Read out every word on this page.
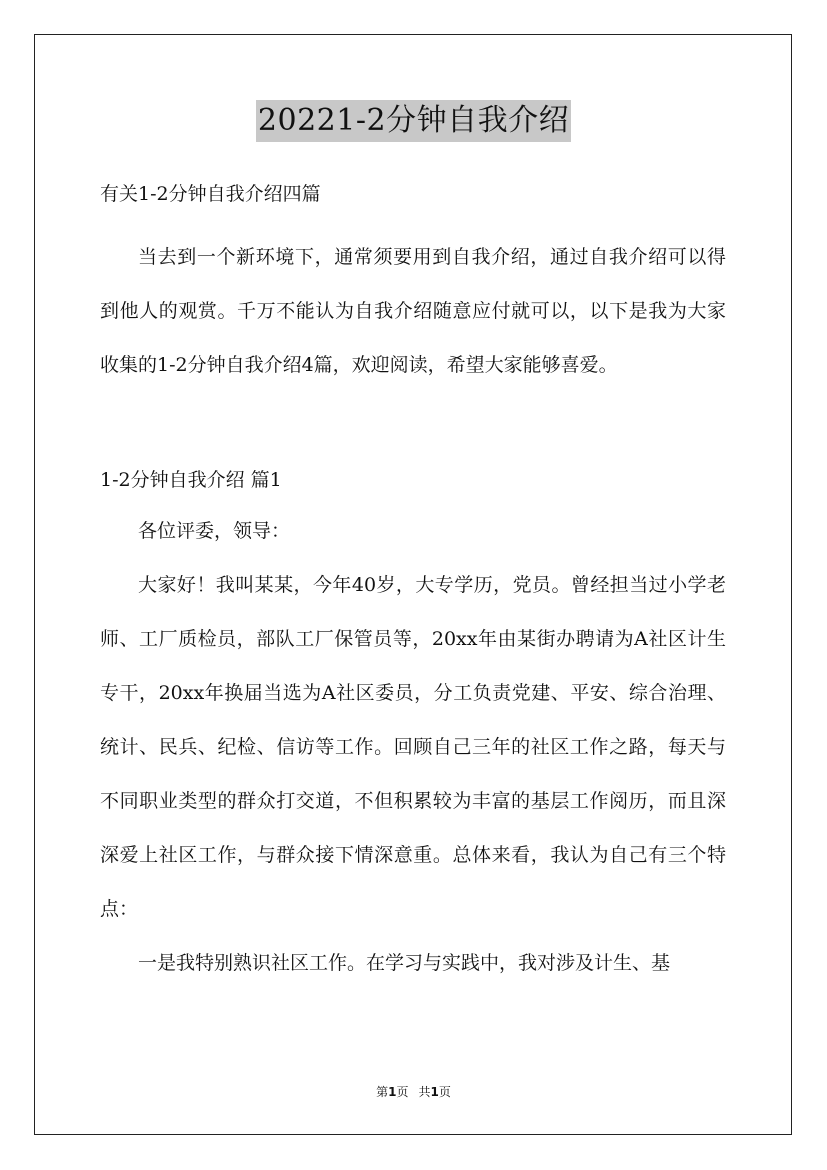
20221-2分钟自我介绍

有关1-2分钟自我介绍四篇

当去到一个新环境下，通常须要用到自我介绍，通过自我介绍可以得到他人的观赏。千万不能认为自我介绍随意应付就可以，以下是我为大家收集的1-2分钟自我介绍4篇，欢迎阅读，希望大家能够喜爱。

1-2分钟自我介绍 篇1

各位评委，领导：

大家好！我叫某某，今年40岁，大专学历，党员。曾经担当过小学老师、工厂质检员，部队工厂保管员等，20xx年由某街办聘请为A社区计生专干，20xx年换届当选为A社区委员，分工负责党建、平安、综合治理、统计、民兵、纪检、信访等工作。回顾自己三年的社区工作之路，每天与不同职业类型的群众打交道，不但积累较为丰富的基层工作阅历，而且深深爱上社区工作，与群众接下情深意重。总体来看，我认为自己有三个特点：

一是我特别熟识社区工作。在学习与实践中，我对涉及计生、基

第1页 共1页
